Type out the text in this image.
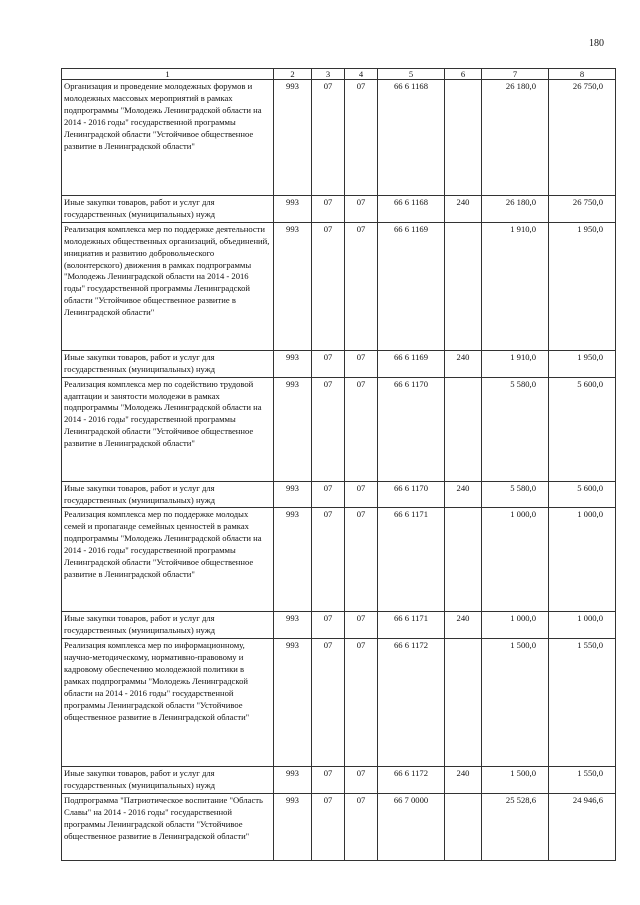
180
1	2	3	4	5	6	7	8
Организация и проведение молодежных форумов и молодежных массовых мероприятий в рамках подпрограммы "Молодежь Ленинградской области на 2014 - 2016 годы" государственной программы Ленинградской области "Устойчивое общественное развитие в Ленинградской области"	993	07	07	66 6 1168		26 180,0	26 750,0
Иные закупки товаров, работ и услуг для государственных (муниципальных) нужд	993	07	07	66 6 1168	240	26 180,0	26 750,0
Реализация комплекса мер по поддержке деятельности молодежных общественных организаций, объединений, инициатив и развитию добровольческого (волонтерского) движения в рамках подпрограммы "Молодежь Ленинградской области на 2014 - 2016 годы" государственной программы Ленинградской области "Устойчивое общественное развитие в Ленинградской области"	993	07	07	66 6 1169		1 910,0	1 950,0
Иные закупки товаров, работ и услуг для государственных (муниципальных) нужд	993	07	07	66 6 1169	240	1 910,0	1 950,0
Реализация комплекса мер по содействию трудовой адаптации и занятости молодежи в рамках подпрограммы "Молодежь Ленинградской области на 2014 - 2016 годы" государственной программы Ленинградской области "Устойчивое общественное развитие в Ленинградской области"	993	07	07	66 6 1170		5 580,0	5 600,0
Иные закупки товаров, работ и услуг для государственных (муниципальных) нужд	993	07	07	66 6 1170	240	5 580,0	5 600,0
Реализация комплекса мер по поддержке молодых семей и пропаганде семейных ценностей в рамках подпрограммы "Молодежь Ленинградской области на 2014 - 2016 годы" государственной программы Ленинградской области "Устойчивое общественное развитие в Ленинградской области"	993	07	07	66 6 1171		1 000,0	1 000,0
Иные закупки товаров, работ и услуг для государственных (муниципальных) нужд	993	07	07	66 6 1171	240	1 000,0	1 000,0
Реализация комплекса мер по информационному, научно-методическому, нормативно-правовому и кадровому обеспечению молодежной политики в рамках подпрограммы "Молодежь Ленинградской области на 2014 - 2016 годы" государственной программы Ленинградской области "Устойчивое общественное развитие в Ленинградской области"	993	07	07	66 6 1172		1 500,0	1 550,0
Иные закупки товаров, работ и услуг для государственных (муниципальных) нужд	993	07	07	66 6 1172	240	1 500,0	1 550,0
Подпрограмма "Патриотическое воспитание "Область Славы" на 2014 - 2016 годы" государственной программы Ленинградской области "Устойчивое общественное развитие в Ленинградской области"	993	07	07	66 7 0000		25 528,6	24 946,6
